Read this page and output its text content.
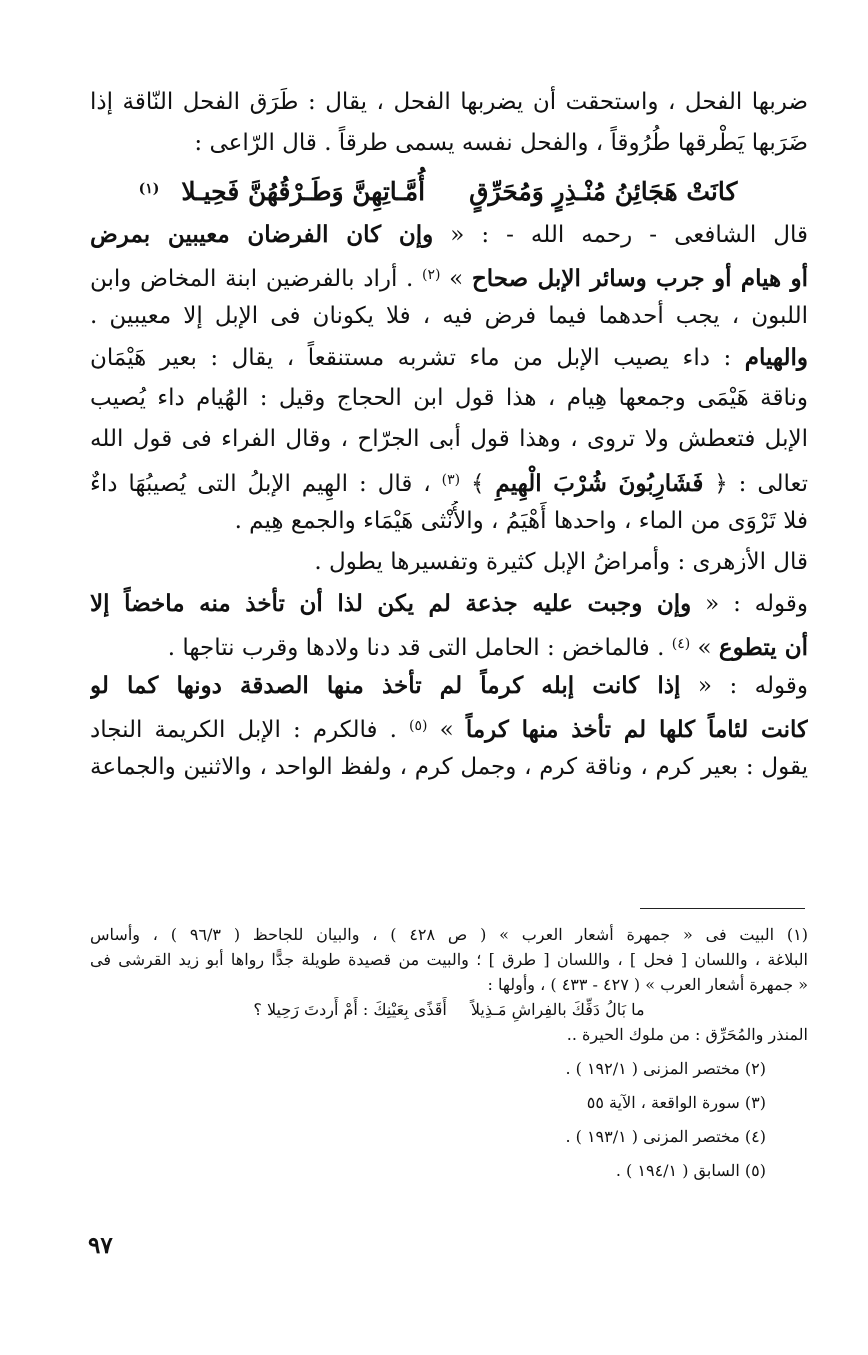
ضربها الفحل ، واستحقت أن يضربها الفحل ، يقال : طَرَق الفحل النّاقة إذا
ضَرَبها يَطْرقها طُرُوقاً ، والفحل نفسه يسمى طرقاً . قال الرّاعى :
كانَتْ هَجَائِنُ مُنْـذِرٍ وَمُحَرِّقٍأُمَّـاتِهِنَّ وَطَـرْقُهُنَّ فَحِيـلا$^{(١)}$
قال الشافعى - رحمه الله - : « وإن كان الفرضان معيبين بمرض
أو هيام أو جرب وسائر الإبل صحاح » $^{(٢)}$ . أراد بالفرضين ابنة المخاض وابن
اللبون ، يجب أحدهما فيما فرض فيه ، فلا يكونان فى الإبل إلا معيبين .
والهيام : داء يصيب الإبل من ماء تشربه مستنقعاً ، يقال : بعير هَيْمَان
وناقة هَيْمَى وجمعها هِيام ، هذا قول ابن الحجاج وقيل : الهُيام داء يُصيب
الإبل فتعطش ولا تروى ، وهذا قول أبى الجرّاح ، وقال الفراء فى قول الله
تعالى : ﴿ فَشَارِبُونَ شُرْبَ الْهِيمِ ﴾ $^{(٣)}$ ، قال : الهِيم الإبلُ التى يُصيبُهَا داءٌ
فلا تَرْوَى من الماء ، واحدها أَهْيَمُ ، والأُنْثى هَيْمَاء والجمع هِيم .
قال الأزهرى : وأمراضُ الإبل كثيرة وتفسيرها يطول .
وقوله : « وإن وجبت عليه جذعة لم يكن لذا أن تأخذ منه ماخضاً إلا
أن يتطوع » $^{(٤)}$ . فالماخض : الحامل التى قد دنا ولادها وقرب نتاجها .
وقوله : « إذا كانت إبله كرماً لم تأخذ منها الصدقة دونها كما لو
كانت لئاماً كلها لم تأخذ منها كرماً » $^{(٥)}$ . فالكرم : الإبل الكريمة النجاد
يقول : بعير كرم ، وناقة كرم ، وجمل كرم ، ولفظ الواحد ، والاثنين والجماعة
(١) البيت فى « جمهرة أشعار العرب » ( ص ٤٢٨ ) ، والبيان للجاحظ ( ٩٦/٣ ) ، وأساس
البلاغة ، واللسان [ فحل ] ، واللسان [ طرق ] ؛ والبيت من قصيدة طويلة جدًّا رواها أبو زيد القرشى فى
« جمهرة أشعار العرب » ( ٤٢٧ - ٤٣٣ ) ، وأولها :
ما بَالُ دَفِّكَ بالفِراشِ مَـذِيلاًأَقَذًى بِعَيْنِكَ : أَمْ أَردتَ رَحِيلا ؟
المنذر والمُحَرِّق : من ملوك الحيرة ..
(٢) مختصر المزنى ( ١٩٢/١ ) .
(٣) سورة الواقعة ، الآية ٥٥
(٤) مختصر المزنى ( ١٩٣/١ ) .
(٥) السابق ( ١٩٤/١ ) .
٩٧
